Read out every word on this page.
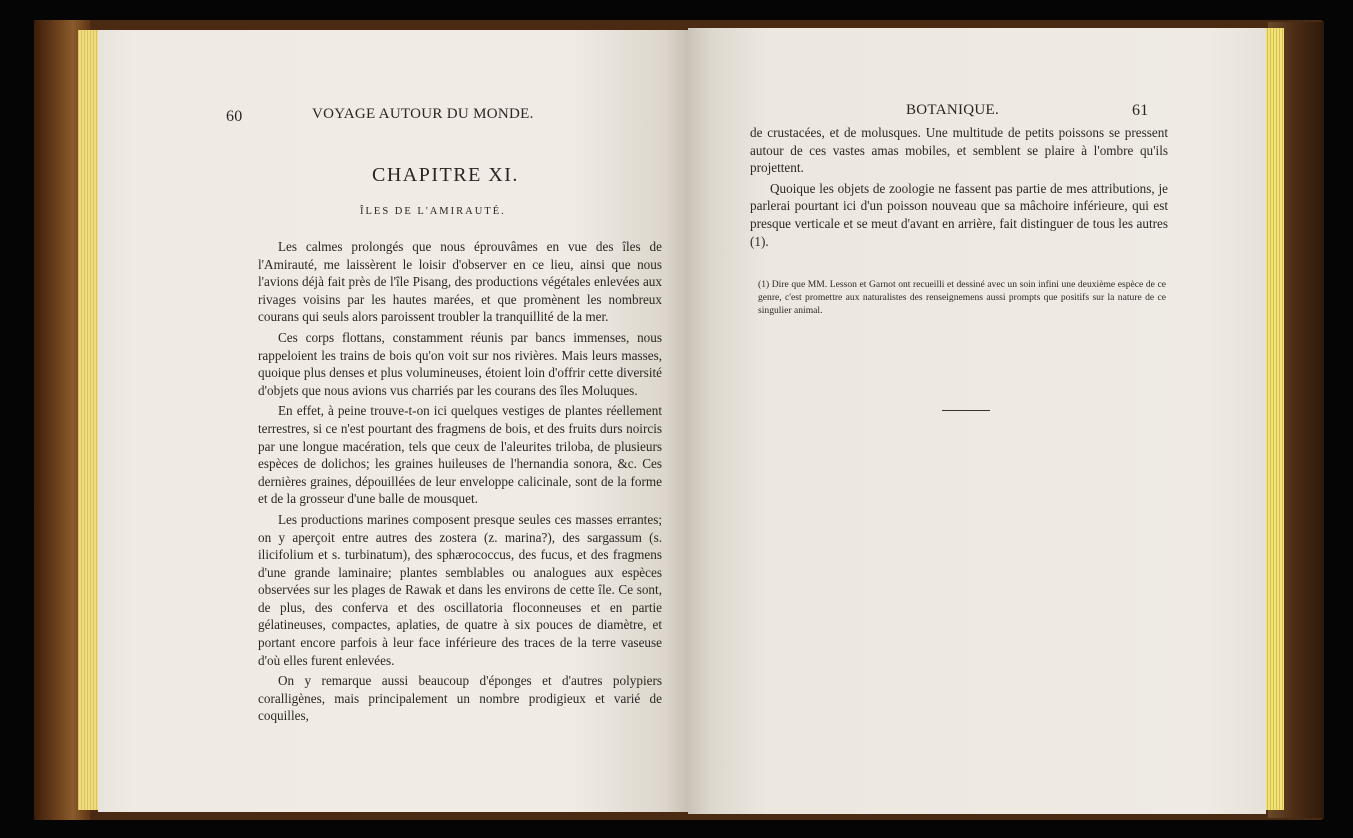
60	VOYAGE AUTOUR DU MONDE.
CHAPITRE XI.
ÎLES DE L'AMIRAUTÉ.

Les calmes prolongés que nous éprouvâmes en vue des îles de l'Amirauté, me laissèrent le loisir d'observer en ce lieu, ainsi que nous l'avions déjà fait près de l'île Pisang, des productions végétales enlevées aux rivages voisins par les hautes marées, et que promènent les nombreux courans qui seuls alors paroissent troubler la tranquillité de la mer.

Ces corps flottans, constamment réunis par bancs immenses, nous rappeloient les trains de bois qu'on voit sur nos rivières. Mais leurs masses, quoique plus denses et plus volumineuses, étoient loin d'offrir cette diversité d'objets que nous avions vus charriés par les courans des îles Moluques.

En effet, à peine trouve-t-on ici quelques vestiges de plantes réellement terrestres, si ce n'est pourtant des fragmens de bois, et des fruits durs noircis par une longue macération, tels que ceux de l'aleurites triloba, de plusieurs espèces de dolichos; les graines huileuses de l'hernandia sonora, &c. Ces dernières graines, dépouillées de leur enveloppe calicinale, sont de la forme et de la grosseur d'une balle de mousquet.

Les productions marines composent presque seules ces masses errantes; on y aperçoit entre autres des zostera (z. marina?), des sargassum (s. ilicifolium et s. turbinatum), des sphærococcus, des fucus, et des fragmens d'une grande laminaire; plantes semblables ou analogues aux espèces observées sur les plages de Rawak et dans les environs de cette île. Ce sont, de plus, des conferva et des oscillatoria floconneuses et en partie gélatineuses, compactes, aplaties, de quatre à six pouces de diamètre, et portant encore parfois à leur face inférieure des traces de la terre vaseuse d'où elles furent enlevées.

On y remarque aussi beaucoup d'éponges et d'autres polypiers coralligènes, mais principalement un nombre prodigieux et varié de coquilles,

BOTANIQUE.	61

de crustacées, et de molusques. Une multitude de petits poissons se pressent autour de ces vastes amas mobiles, et semblent se plaire à l'ombre qu'ils projettent.

Quoique les objets de zoologie ne fassent pas partie de mes attributions, je parlerai pourtant ici d'un poisson nouveau que sa mâchoire inférieure, qui est presque verticale et se meut d'avant en arrière, fait distinguer de tous les autres (1).

(1) Dire que MM. Lesson et Garnot ont recueilli et dessiné avec un soin infini une deuxième espèce de ce genre, c'est promettre aux naturalistes des renseignemens aussi prompts que positifs sur la nature de ce singulier animal.
